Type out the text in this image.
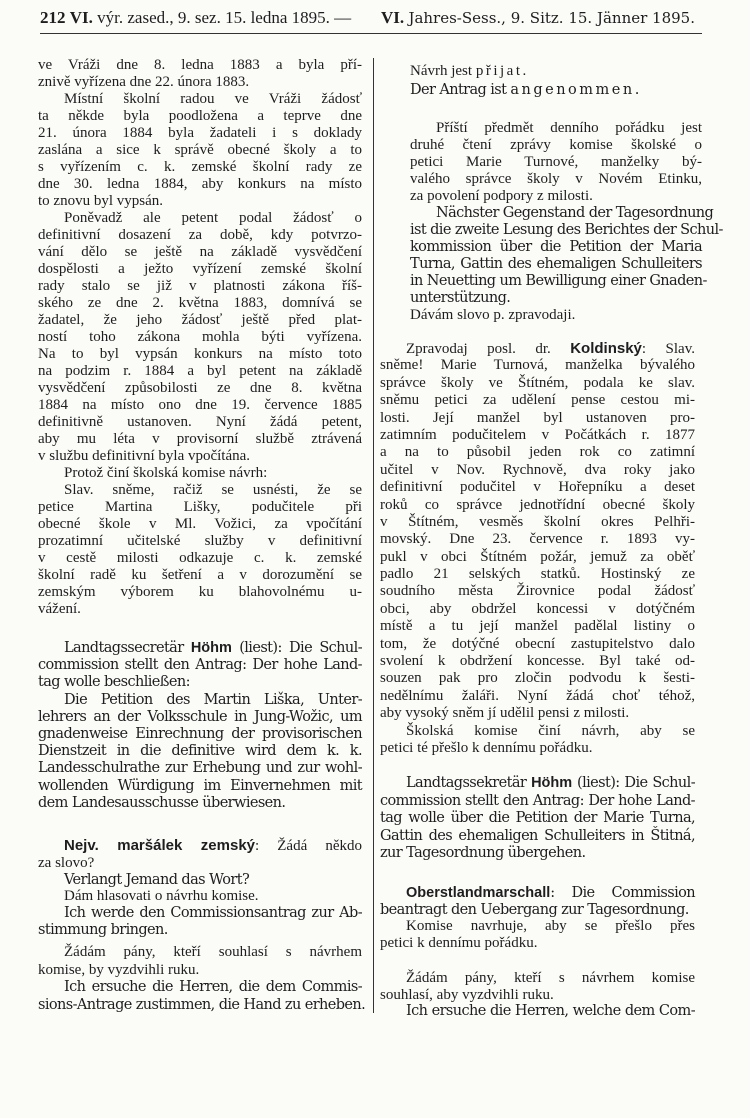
212 VI. výr. zased., 9. sez. 15. ledna 1895. — VI. Jahres-Sess., 9. Sitz. 15. Jänner 1895.
ve Vráži dne 8. ledna 1883 a byla pří-
znivě vyřízena dne 22. února 1883.
Místní školní radou ve Vráži žádosť
ta někde byla poodložena a teprve dne
21. února 1884 byla žadateli i s doklady
zaslána a sice k správě obecné školy a to
s vyřízením c. k. zemské školní rady ze
dne 30. ledna 1884, aby konkurs na místo
to znovu byl vypsán.
Poněvadž ale petent podal žádosť o
definitivní dosazení za době, kdy potvrzo-
vání dělo se ještě na základě vysvědčení
dospělosti a ježto vyřízení zemské školní
rady stalo se již v platnosti zákona říš-
ského ze dne 2. května 1883, domnívá se
žadatel, že jeho žádosť ještě před plat-
ností toho zákona mohla býti vyřízena.
Na to byl vypsán konkurs na místo toto
na podzim r. 1884 a byl petent na základě
vysvědčení způsobilosti ze dne 8. května
1884 na místo ono dne 19. července 1885
definitivně ustanoven. Nyní žádá petent,
aby mu léta v provisorní službě ztrávená
v službu definitivní byla vpočítána.
Protož činí školská komise návrh:
Slav. sněme, račiž se usnésti, že se
petice Martina Lišky, podučitele při
obecné škole v Ml. Vožici, za vpočítání
prozatimní učitelské služby v definitivní
v cestě milosti odkazuje c. k. zemské
školní radě ku šetření a v dorozumění se
zemským výborem ku blahovolnému u-
vážení.
Landtagssecretär Höhm (liest): Die Schul-
commission stellt den Antrag: Der hohe Land-
tag wolle beschließen:
Die Petition des Martin Liška, Unter-
lehrers an der Volksschule in Jung-Wožic, um
gnadenweise Einrechnung der provisorischen
Dienstzeit in die definitive wird dem k. k.
Landesschulrathe zur Erhebung und zur wohl-
wollenden Würdigung im Einvernehmen mit
dem Landesausschusse überwiesen.
Nejv. maršálek zemský: Žádá někdo
za slovo?
Verlangt Jemand das Wort?
Dám hlasovati o návrhu komise.
Ich werde den Commissionsantrag zur Ab-
stimmung bringen.
Žádám pány, kteří souhlasí s návrhem
komise, by vyzdvihli ruku.
Ich ersuche die Herren, die dem Commis-
sions-Antrage zustimmen, die Hand zu erheben.
Návrh jest přijat.
Der Antrag ist angenommen.
Příští předmět denního pořádku jest
druhé čtení zprávy komise školské o
petici Marie Turnové, manželky bý-
valého správce školy v Novém Etinku,
za povolení podpory z milosti.
Nächster Gegenstand der Tagesordnung
ist die zweite Lesung des Berichtes der Schul-
kommission über die Petition der Maria
Turna, Gattin des ehemaligen Schulleiters
in Neuetting um Bewilligung einer Gnaden-
unterstützung.
Dávám slovo p. zpravodaji.
Zpravodaj posl. dr. Koldinský: Slav.
sněme! Marie Turnová, manželka bývalého
správce školy ve Štítném, podala ke slav.
sněmu petici za udělení pense cestou mi-
losti. Její manžel byl ustanoven pro-
zatimním podučitelem v Počátkách r. 1877
a na to působil jeden rok co zatimní
učitel v Nov. Rychnově, dva roky jako
definitivní podučitel v Hořepníku a deset
roků co správce jednotřídní obecné školy
v Štítném, vesměs školní okres Pelhři-
movský. Dne 23. července r. 1893 vy-
pukl v obci Štítném požár, jemuž za oběť
padlo 21 selských statků. Hostinský ze
soudního města Žirovnice podal žádosť
obci, aby obdržel koncessi v dotýčném
místě a tu její manžel padělal listiny o
tom, že dotýčné obecní zastupitelstvo dalo
svolení k obdržení koncesse. Byl také od-
souzen pak pro zločin podvodu k šesti-
nedělnímu žaláři. Nyní žádá choť téhož,
aby vysoký sněm jí udělil pensi z milosti.
Školská komise činí návrh, aby se
petici té přešlo k dennímu pořádku.
Landtagssekretär Höhm (liest): Die Schul-
commission stellt den Antrag: Der hohe Land-
tag wolle über die Petition der Marie Turna,
Gattin des ehemaligen Schulleiters in Štitná,
zur Tagesordnung übergehen.
Oberstlandmarschall: Die Commission
beantragt den Uebergang zur Tagesordnung.
Komise navrhuje, aby se přešlo přes
petici k dennímu pořádku.
Žádám pány, kteří s návrhem komise
souhlasí, aby vyzdvihli ruku.
Ich ersuche die Herren, welche dem Com-
